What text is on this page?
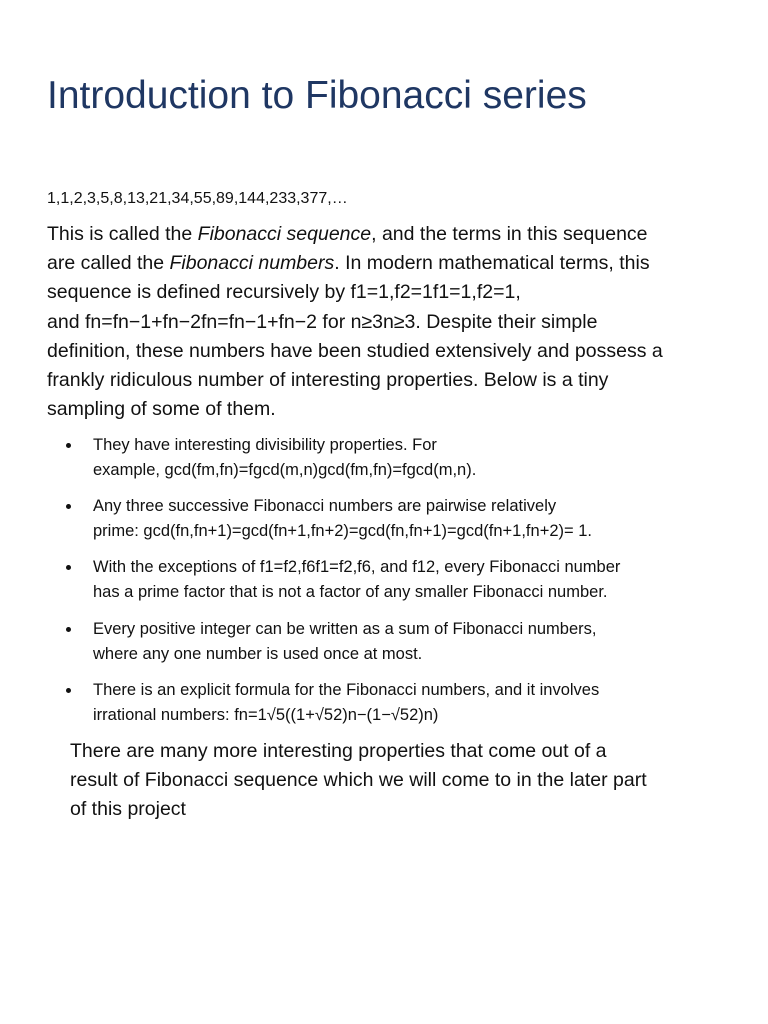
Introduction to Fibonacci series

1,1,2,3,5,8,13,21,34,55,89,144,233,377,…

This is called the Fibonacci sequence, and the terms in this sequence
are called the Fibonacci numbers. In modern mathematical terms, this
sequence is defined recursively by f1=1,f2=1f1=1,f2=1,
and fn=fn−1+fn−2fn=fn−1+fn−2 for n≥3n≥3. Despite their simple
definition, these numbers have been studied extensively and possess a
frankly ridiculous number of interesting properties. Below is a tiny
sampling of some of them.

They have interesting divisibility properties. For
example, gcd(fm,fn)=fgcd(m,n)gcd(fm,fn)=fgcd(m,n).
Any three successive Fibonacci numbers are pairwise relatively
prime: gcd(fn,fn+1)=gcd(fn+1,fn+2)=gcd(fn,fn+1)=gcd(fn+1,fn+2)= 1.
With the exceptions of f1=f2,f6f1=f2,f6, and f12, every Fibonacci number
has a prime factor that is not a factor of any smaller Fibonacci number.
Every positive integer can be written as a sum of Fibonacci numbers,
where any one number is used once at most.
There is an explicit formula for the Fibonacci numbers, and it involves
irrational numbers: fn=1√5((1+√52)n−(1−√52)n)

There are many more interesting properties that come out of a
result of Fibonacci sequence which we will come to in the later part
of this project
